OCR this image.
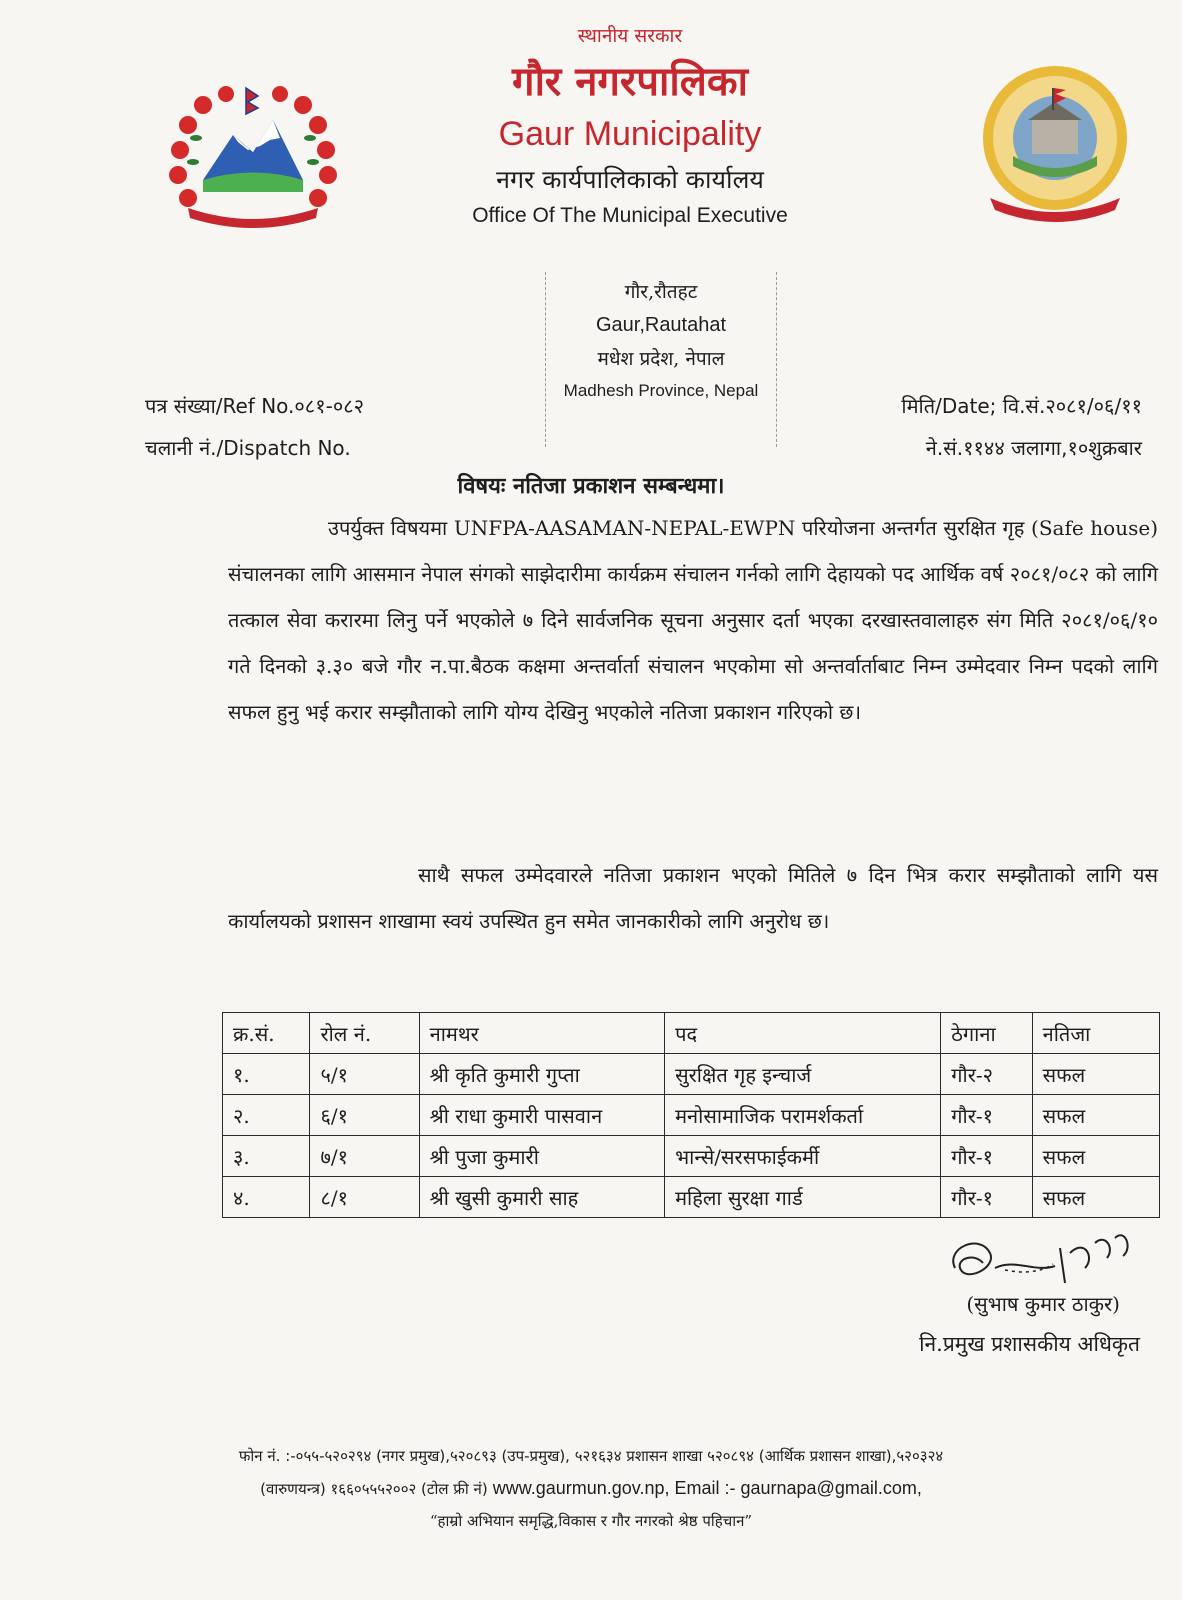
स्थानीय सरकार
गौर नगरपालिका
Gaur Municipality
नगर कार्यपालिकाको कार्यालय
Office Of The Municipal Executive
गौर,रौतहट
Gaur,Rautahat
मधेश प्रदेश, नेपाल
Madhesh Province, Nepal
पत्र संख्या/Ref No.०८१-०८२
चलानी नं./Dispatch No.
मिति/Date; वि.सं.२०८१/०६/११
ने.सं.११४४ जलागा,१०शुक्रबार
विषयः नतिजा प्रकाशन सम्बन्धमा।
उपर्युक्त विषयमा UNFPA-AASAMAN-NEPAL-EWPN परियोजना अन्तर्गत सुरक्षित गृह (Safe house) संचालनका लागि आसमान नेपाल संगको साझेदारीमा कार्यक्रम संचालन गर्नको लागि देहायको पद आर्थिक वर्ष २०८१/०८२ को लागि तत्काल सेवा करारमा लिनु पर्ने भएकोले ७ दिने सार्वजनिक सूचना अनुसार दर्ता भएका दरखास्तवालाहरु संग मिति २०८१/०६/१० गते दिनको ३.३० बजे गौर न.पा.बैठक कक्षमा अन्तर्वार्ता संचालन भएकोमा सो अन्तर्वार्ताबाट निम्न उम्मेदवार निम्न पदको लागि सफल हुनु भई करार सम्झौताको लागि योग्य देखिनु भएकोले नतिजा प्रकाशन गरिएको छ।
साथै सफल उम्मेदवारले नतिजा प्रकाशन भएको मितिले ७ दिन भित्र करार सम्झौताको लागि यस कार्यालयको प्रशासन शाखामा स्वयं उपस्थित हुन समेत जानकारीको लागि अनुरोध छ।
क्र.सं.	रोल नं.	नामथर	पद	ठेगाना	नतिजा
१.	५/१	श्री कृति कुमारी गुप्ता	सुरक्षित गृह इन्चार्ज	गौर-२	सफल
२.	६/१	श्री राधा कुमारी पासवान	मनोसामाजिक परामर्शकर्ता	गौर-१	सफल
३.	७/१	श्री पुजा कुमारी	भान्से/सरसफाईकर्मी	गौर-१	सफल
४.	८/१	श्री खुसी कुमारी साह	महिला सुरक्षा गार्ड	गौर-१	सफल
(सुभाष कुमार ठाकुर)
नि.प्रमुख प्रशासकीय अधिकृत
फोन नं. :-०५५-५२०२९४ (नगर प्रमुख),५२०८९३ (उप-प्रमुख), ५२१६३४ प्रशासन शाखा ५२०८९४ (आर्थिक प्रशासन शाखा),५२०३२४
(वारुणयन्त्र) १६६०५५५२००२ (टोल फ्री नं) www.gaurmun.gov.np, Email :- gaurnapa@gmail.com,
“हाम्रो अभियान समृद्धि,विकास र गौर नगरको श्रेष्ठ पहिचान”
